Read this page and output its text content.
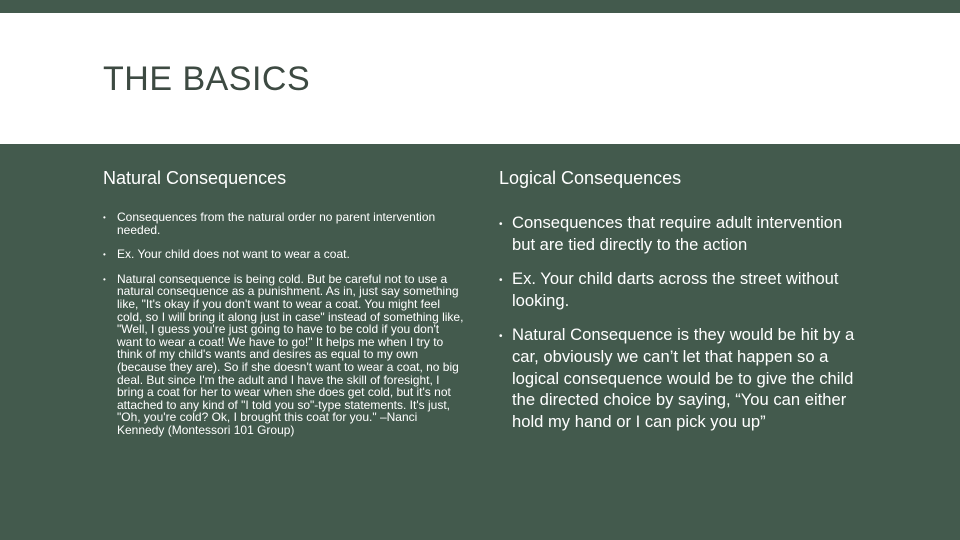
THE BASICS
Natural Consequences	Logical Consequences
• Consequences from the natural order no parent intervention needed.
• Ex. Your child does not want to wear a coat.
• Natural consequence is being cold. But be careful not to use a natural consequence as a punishment. As in, just say something like, "It's okay if you don't want to wear a coat. You might feel cold, so I will bring it along just in case" instead of something like, "Well, I guess you're just going to have to be cold if you don't want to wear a coat! We have to go!" It helps me when I try to think of my child's wants and desires as equal to my own (because they are). So if she doesn't want to wear a coat, no big deal. But since I'm the adult and I have the skill of foresight, I bring a coat for her to wear when she does get cold, but it's not attached to any kind of "I told you so"-type statements. It's just, "Oh, you're cold? Ok, I brought this coat for you." –Nanci Kennedy (Montessori 101 Group)
• Consequences that require adult intervention but are tied directly to the action
• Ex. Your child darts across the street without looking.
• Natural Consequence is they would be hit by a car, obviously we can’t let that happen so a logical consequence would be to give the child the directed choice by saying, “You can either hold my hand or I can pick you up”
